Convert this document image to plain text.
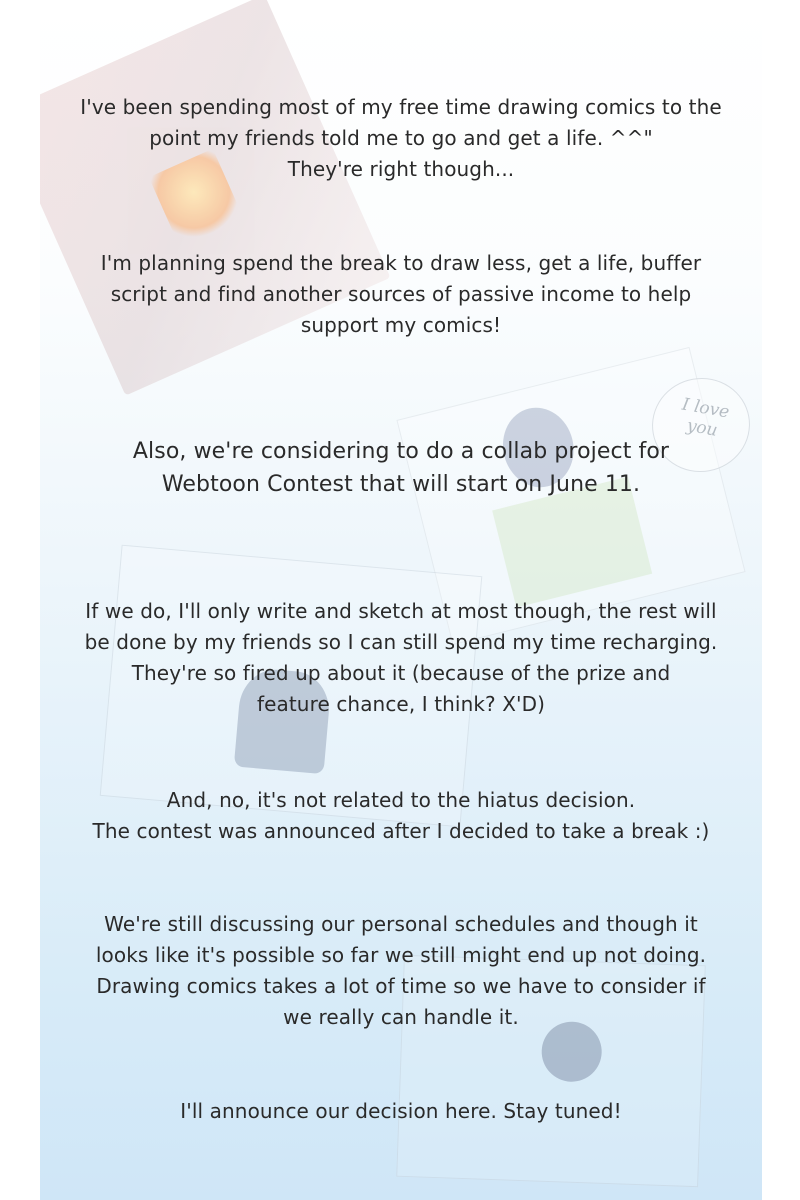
I love you
I've been spending most of my free time drawing comics to the
point my friends told me to go and get a life. ^^"
They're right though...
I'm planning spend the break to draw less, get a life, buffer
script and find another sources of passive income to help
support my comics!
Also, we're considering to do a collab project for
Webtoon Contest that will start on June 11.
If we do, I'll only write and sketch at most though, the rest will
be done by my friends so I can still spend my time recharging.
They're so fired up about it (because of the prize and
feature chance, I think? X'D)
And, no, it's not related to the hiatus decision.
The contest was announced after I decided to take a break :)
We're still discussing our personal schedules and though it
looks like it's possible so far we still might end up not doing.
Drawing comics takes a lot of time so we have to consider if
we really can handle it.
I'll announce our decision here. Stay tuned!
